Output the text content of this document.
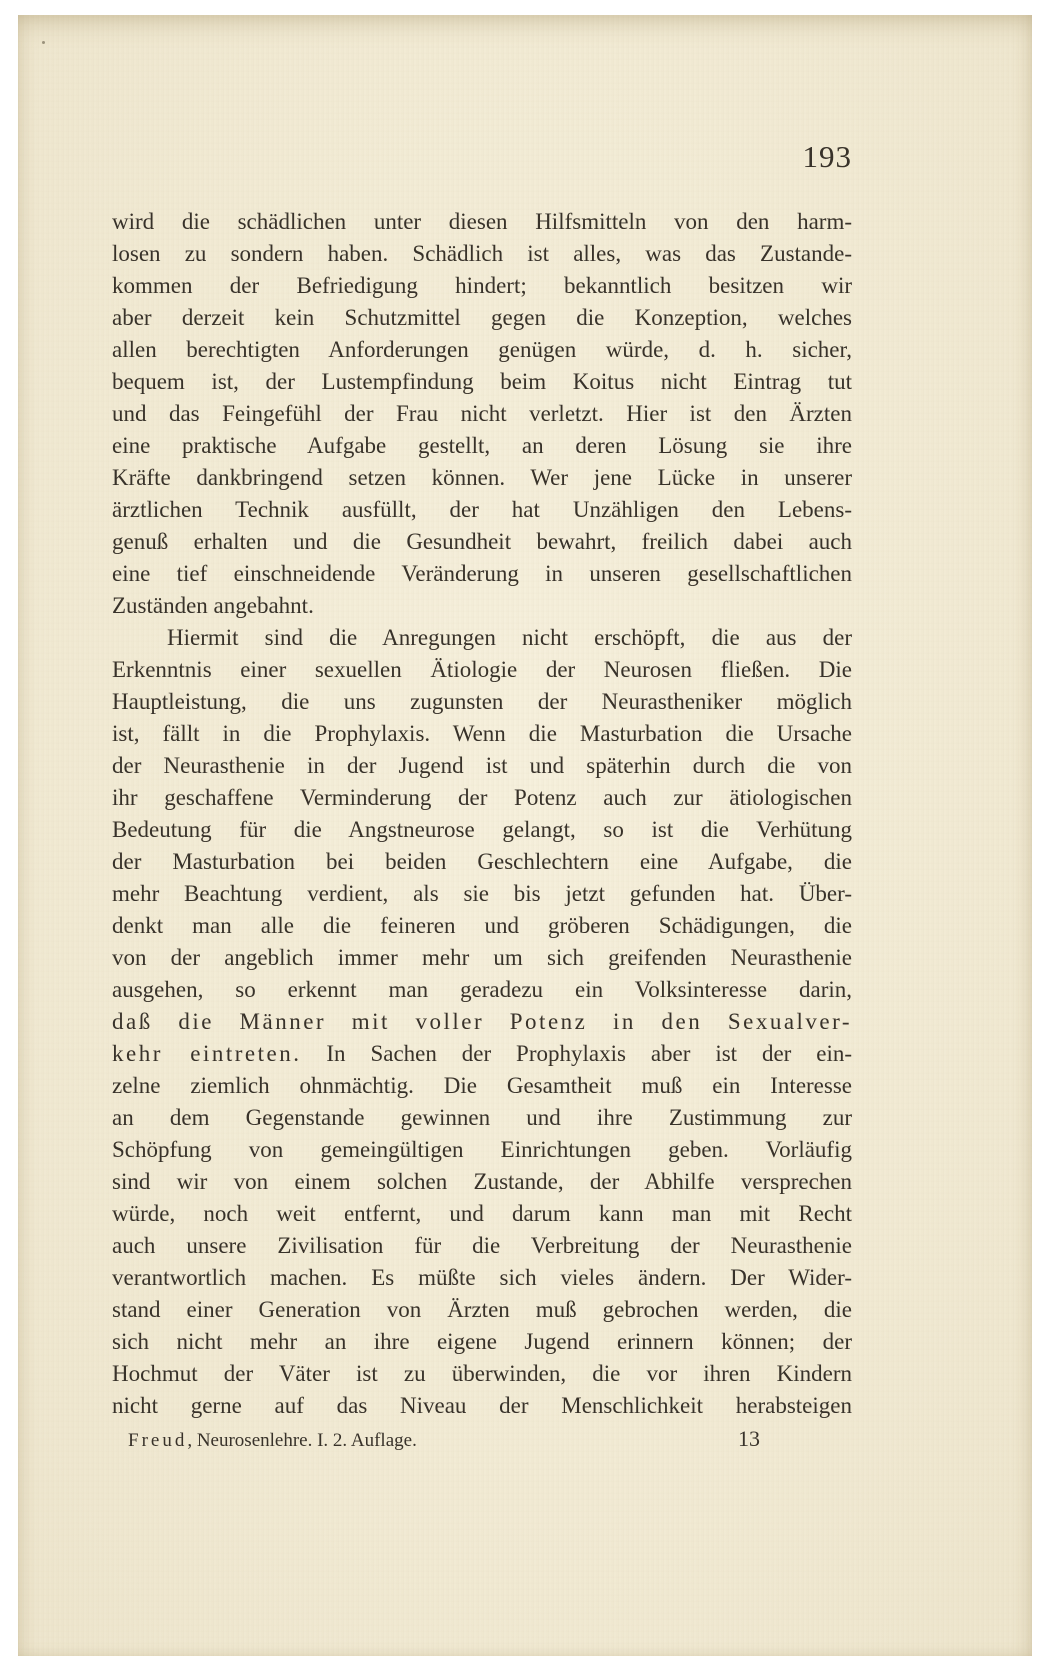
193
wird die schädlichen unter diesen Hilfsmitteln von den harm-
losen zu sondern haben. Schädlich ist alles, was das Zustande-
kommen der Befriedigung hindert; bekanntlich besitzen wir
aber derzeit kein Schutzmittel gegen die Konzeption, welches
allen berechtigten Anforderungen genügen würde, d. h. sicher,
bequem ist, der Lustempfindung beim Koitus nicht Eintrag tut
und das Feingefühl der Frau nicht verletzt. Hier ist den Ärzten
eine praktische Aufgabe gestellt, an deren Lösung sie ihre
Kräfte dankbringend setzen können. Wer jene Lücke in unserer
ärztlichen Technik ausfüllt, der hat Unzähligen den Lebens-
genuß erhalten und die Gesundheit bewahrt, freilich dabei auch
eine tief einschneidende Veränderung in unseren gesellschaftlichen
Zuständen angebahnt.
Hiermit sind die Anregungen nicht erschöpft, die aus der
Erkenntnis einer sexuellen Ätiologie der Neurosen fließen. Die
Hauptleistung, die uns zugunsten der Neurastheniker möglich
ist, fällt in die Prophylaxis. Wenn die Masturbation die Ursache
der Neurasthenie in der Jugend ist und späterhin durch die von
ihr geschaffene Verminderung der Potenz auch zur ätiologischen
Bedeutung für die Angstneurose gelangt, so ist die Verhütung
der Masturbation bei beiden Geschlechtern eine Aufgabe, die
mehr Beachtung verdient, als sie bis jetzt gefunden hat. Über-
denkt man alle die feineren und gröberen Schädigungen, die
von der angeblich immer mehr um sich greifenden Neurasthenie
ausgehen, so erkennt man geradezu ein Volksinteresse darin,
daß die Männer mit voller Potenz in den Sexualver-
kehr eintreten. In Sachen der Prophylaxis aber ist der ein-
zelne ziemlich ohnmächtig. Die Gesamtheit muß ein Interesse
an dem Gegenstande gewinnen und ihre Zustimmung zur
Schöpfung von gemeingültigen Einrichtungen geben. Vorläufig
sind wir von einem solchen Zustande, der Abhilfe versprechen
würde, noch weit entfernt, und darum kann man mit Recht
auch unsere Zivilisation für die Verbreitung der Neurasthenie
verantwortlich machen. Es müßte sich vieles ändern. Der Wider-
stand einer Generation von Ärzten muß gebrochen werden, die
sich nicht mehr an ihre eigene Jugend erinnern können; der
Hochmut der Väter ist zu überwinden, die vor ihren Kindern
nicht gerne auf das Niveau der Menschlichkeit herabsteigen
Freud, Neurosenlehre. I. 2. Auflage.	13
